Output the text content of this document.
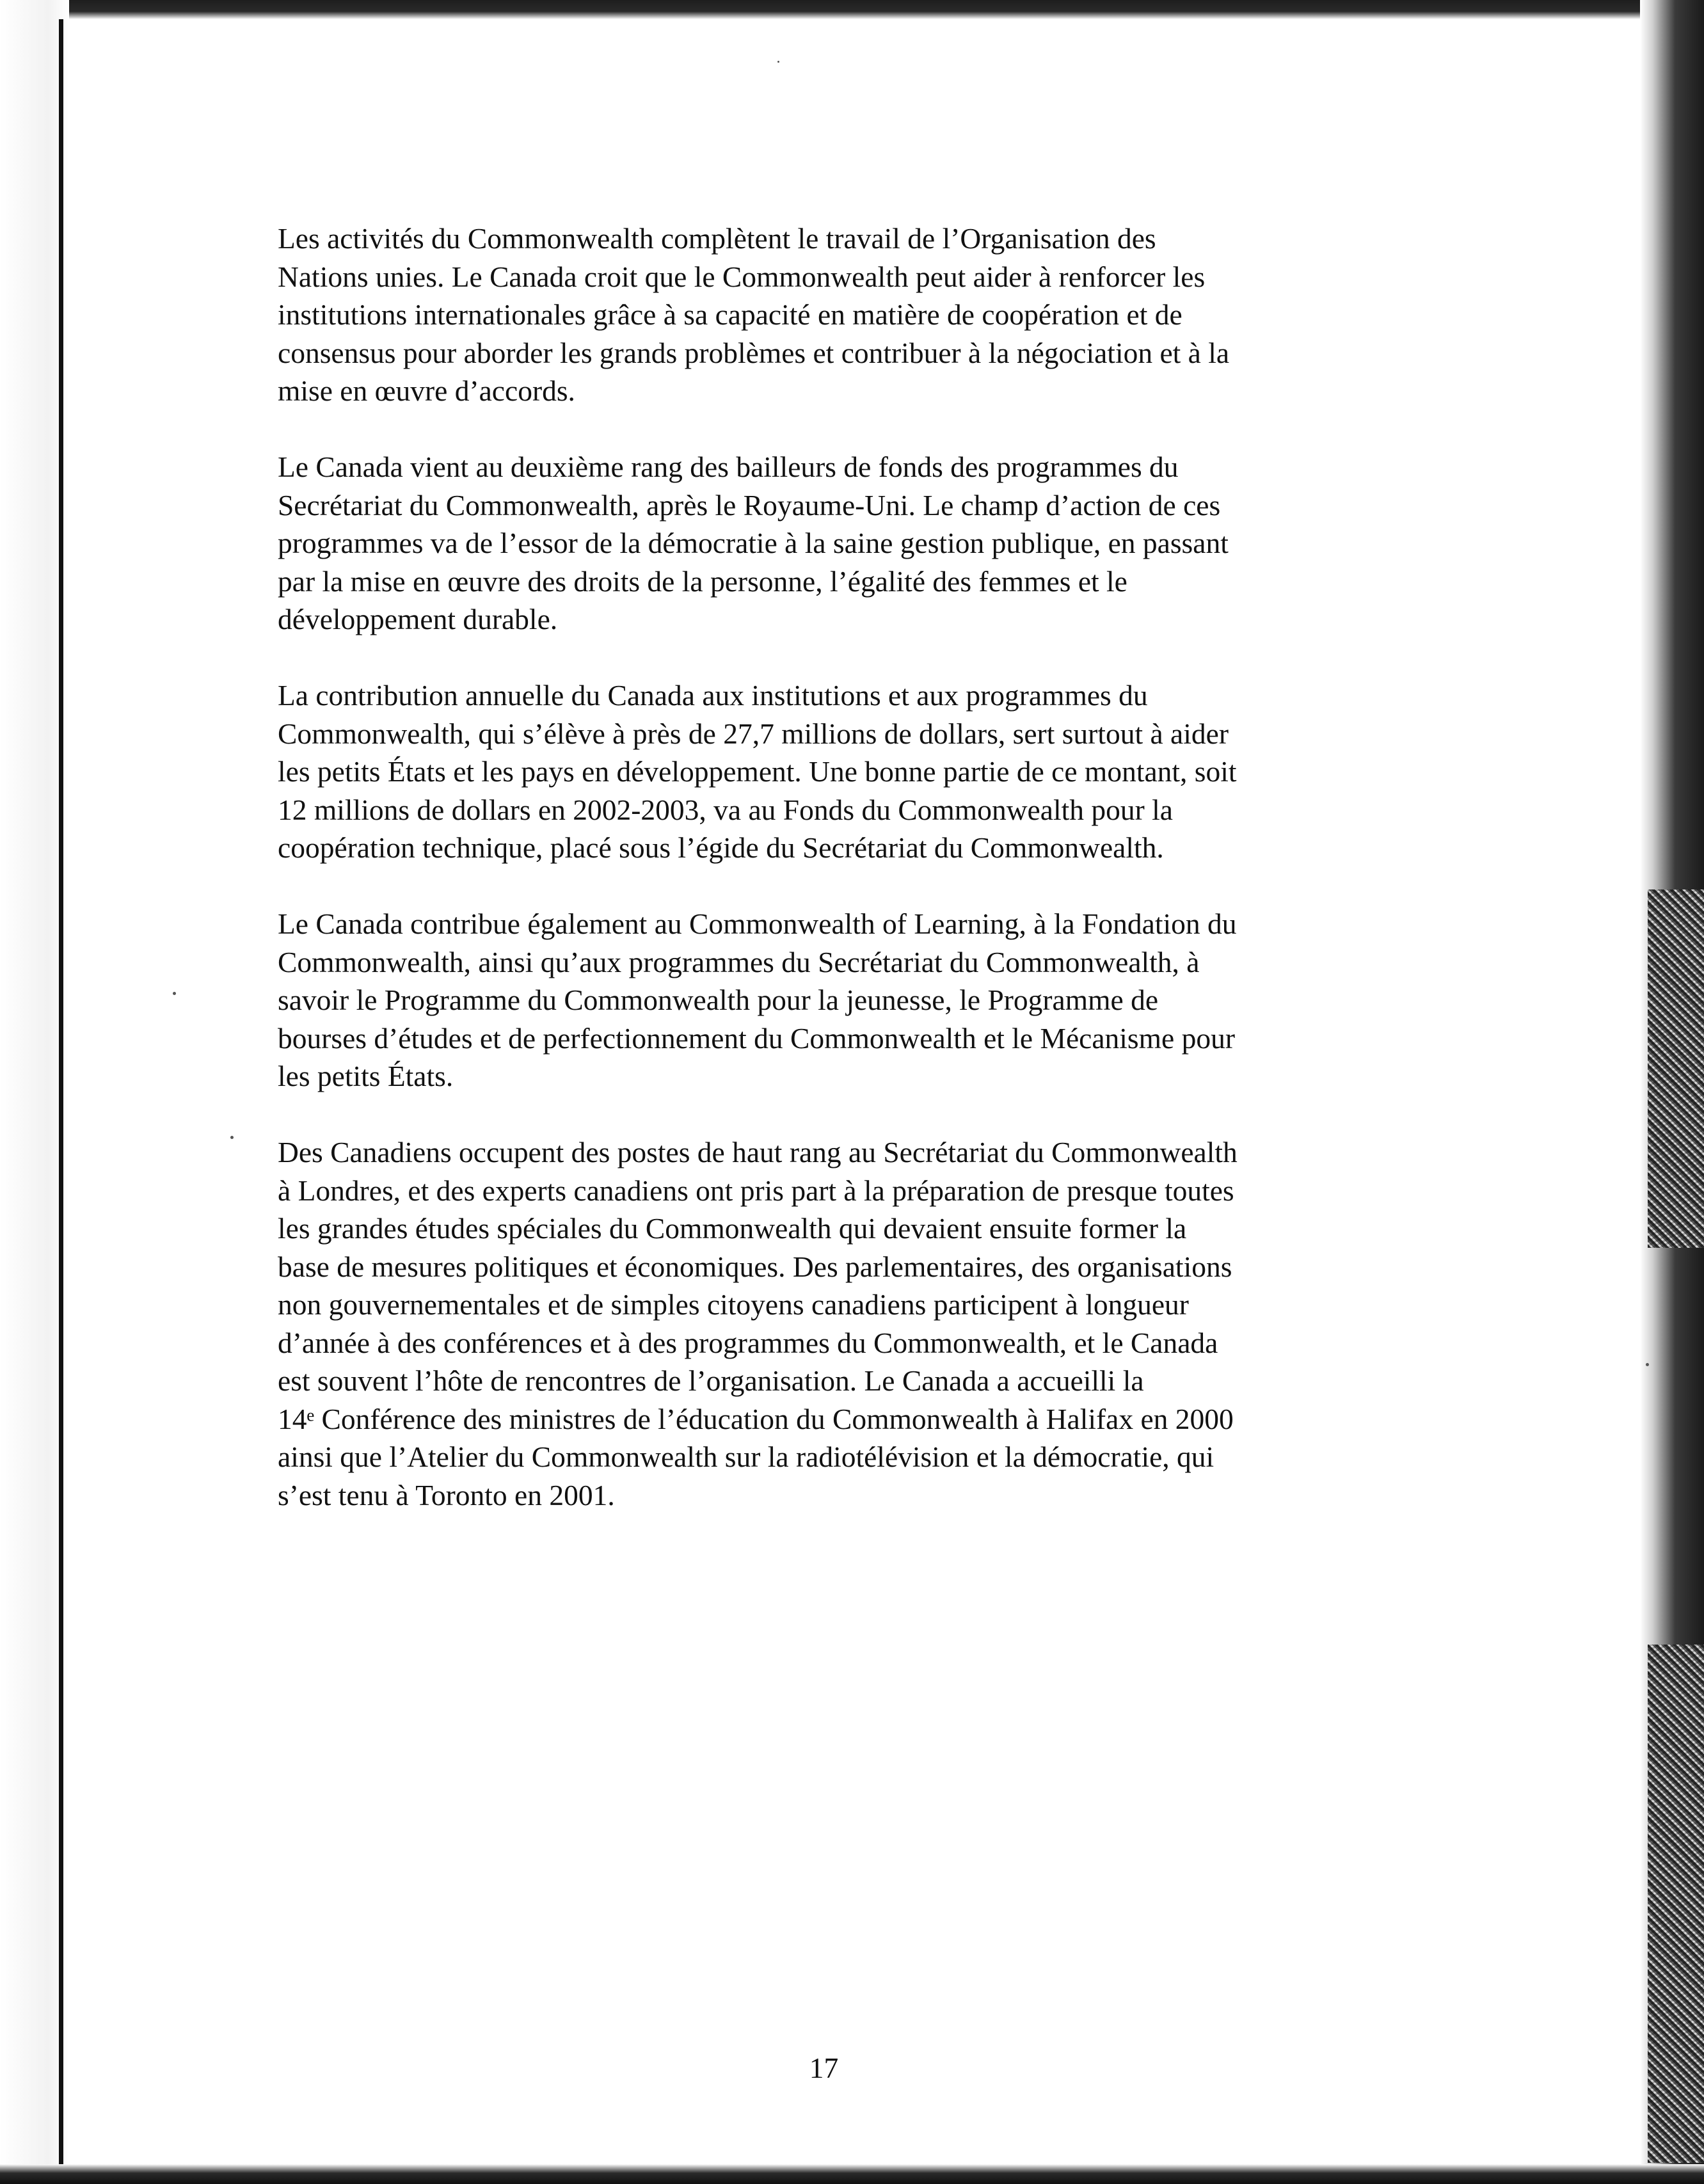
Les activités du Commonwealth complètent le travail de l’Organisation des
Nations unies. Le Canada croit que le Commonwealth peut aider à renforcer les
institutions internationales grâce à sa capacité en matière de coopération et de
consensus pour aborder les grands problèmes et contribuer à la négociation et à la
mise en œuvre d’accords.

Le Canada vient au deuxième rang des bailleurs de fonds des programmes du
Secrétariat du Commonwealth, après le Royaume-Uni. Le champ d’action de ces
programmes va de l’essor de la démocratie à la saine gestion publique, en passant
par la mise en œuvre des droits de la personne, l’égalité des femmes et le
développement durable.

La contribution annuelle du Canada aux institutions et aux programmes du
Commonwealth, qui s’élève à près de 27,7 millions de dollars, sert surtout à aider
les petits États et les pays en développement. Une bonne partie de ce montant, soit
12 millions de dollars en 2002-2003, va au Fonds du Commonwealth pour la
coopération technique, placé sous l’égide du Secrétariat du Commonwealth.

Le Canada contribue également au Commonwealth of Learning, à la Fondation du
Commonwealth, ainsi qu’aux programmes du Secrétariat du Commonwealth, à
savoir le Programme du Commonwealth pour la jeunesse, le Programme de
bourses d’études et de perfectionnement du Commonwealth et le Mécanisme pour
les petits États.

Des Canadiens occupent des postes de haut rang au Secrétariat du Commonwealth
à Londres, et des experts canadiens ont pris part à la préparation de presque toutes
les grandes études spéciales du Commonwealth qui devaient ensuite former la
base de mesures politiques et économiques. Des parlementaires, des organisations
non gouvernementales et de simples citoyens canadiens participent à longueur
d’année à des conférences et à des programmes du Commonwealth, et le Canada
est souvent l’hôte de rencontres de l’organisation. Le Canada a accueilli la
14ᵉ Conférence des ministres de l’éducation du Commonwealth à Halifax en 2000
ainsi que l’Atelier du Commonwealth sur la radiotélévision et la démocratie, qui
s’est tenu à Toronto en 2001.

17
